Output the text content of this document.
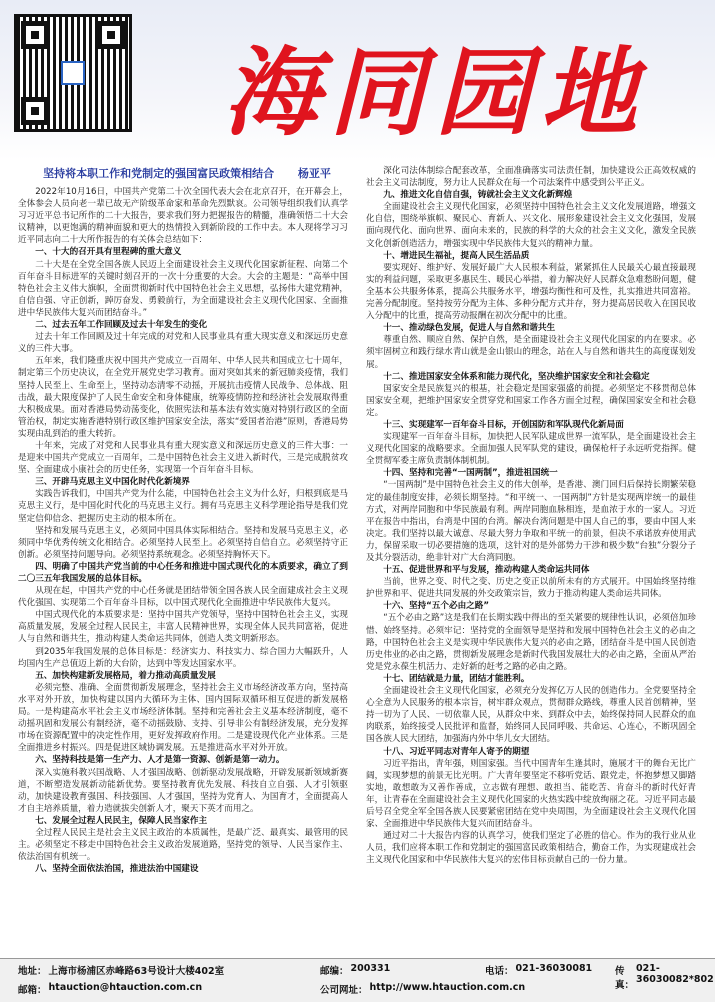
海同园地
坚持将本职工作和党制定的强国富民政策相结合 杨亚平

2022年10月16日，中国共产党第二十次全国代表大会在北京召开，在开幕会上，全体参会人员向老一辈已故无产阶级革命家和革命先烈默哀。公司领导组织我们认真学习习近平总书记所作的二十大报告，要求我们努力把握报告的精髓，准确领悟二十大会议精神，以更饱满的精神面貌和更大的热情投入到新阶段的工作中去。本人现将学习习近平同志向二十大所作报告的有关体会总结如下：

一、十大的召开具有里程碑的重大意义

二十大是在全党全国各族人民迈上全面建设社会主义现代化国家新征程、向第二个百年奋斗目标进军的关键时刻召开的一次十分重要的大会。大会的主题是：“高举中国特色社会主义伟大旗帜，全面贯彻新时代中国特色社会主义思想，弘扬伟大建党精神，自信自强、守正创新，踔厉奋发、勇毅前行，为全面建设社会主义现代化国家、全面推进中华民族伟大复兴而团结奋斗。”

二、过去五年工作回顾及过去十年发生的变化

过去十年工作回顾及过十年完成的对党和人民事业具有重大现实意义和深远历史意义的三件大事。

五年来，我们隆重庆祝中国共产党成立一百周年、中华人民共和国成立七十周年，制定第三个历史决议，在全党开展党史学习教育。面对突如其来的新冠肺炎疫情，我们坚持人民至上、生命至上，坚持动态清零不动摇，开展抗击疫情人民战争、总体战、阻击战，最大限度保护了人民生命安全和身体健康，统筹疫情防控和经济社会发展取得重大积极成果。面对香港局势动荡变化，依照宪法和基本法有效实施对特别行政区的全面管治权，制定实施香港特别行政区维护国家安全法，落实“爱国者治港”原则，香港局势实现由乱到治的重大转折。

十年来，完成了对党和人民事业具有重大现实意义和深远历史意义的三件大事：一是迎来中国共产党成立一百周年，二是中国特色社会主义进入新时代，三是完成脱贫攻坚、全面建成小康社会的历史任务，实现第一个百年奋斗目标。

三、开辟马克思主义中国化时代化新境界

实践告诉我们，中国共产党为什么能，中国特色社会主义为什么好，归根到底是马克思主义行，是中国化时代化的马克思主义行。拥有马克思主义科学理论指导是我们党坚定信仰信念、把握历史主动的根本所在。

坚持和发展马克思主义，必须同中国具体实际相结合。坚持和发展马克思主义，必须同中华优秀传统文化相结合。必须坚持人民至上。必须坚持自信自立。必须坚持守正创新。必须坚持问题导向。必须坚持系统观念。必须坚持胸怀天下。

四、明确了中国共产党当前的中心任务和推进中国式现代化的本质要求，确立了到二〇三五年我国发展的总体目标。

从现在起，中国共产党的中心任务就是团结带领全国各族人民全面建成社会主义现代化强国、实现第二个百年奋斗目标，以中国式现代化全面推进中华民族伟大复兴。

中国式现代化的本质要求是：坚持中国共产党领导，坚持中国特色社会主义，实现高质量发展，发展全过程人民民主，丰富人民精神世界，实现全体人民共同富裕，促进人与自然和谐共生，推动构建人类命运共同体，创造人类文明新形态。

到2035年我国发展的总体目标是：经济实力、科技实力、综合国力大幅跃升，人均国内生产总值迈上新的大台阶，达到中等发达国家水平。

五、加快构建新发展格局，着力推动高质量发展

必须完整、准确、全面贯彻新发展理念，坚持社会主义市场经济改革方向，坚持高水平对外开放，加快构建以国内大循环为主体、国内国际双循环相互促进的新发展格局。一是构建高水平社会主义市场经济体制。坚持和完善社会主义基本经济制度，毫不动摇巩固和发展公有制经济，毫不动摇鼓励、支持、引导非公有制经济发展，充分发挥市场在资源配置中的决定性作用，更好发挥政府作用。二是建设现代化产业体系。三是全面推进乡村振兴。四是促进区域协调发展。五是推进高水平对外开放。

六、坚持科技是第一生产力、人才是第一资源、创新是第一动力。

深入实施科教兴国战略、人才强国战略、创新驱动发展战略，开辟发展新领域新赛道，不断塑造发展新动能新优势。要坚持教育优先发展、科技自立自强、人才引领驱动，加快建设教育强国、科技强国、人才强国，坚持为党育人、为国育才，全面提高人才自主培养质量，着力造就拔尖创新人才，聚天下英才而用之。

七、发展全过程人民民主，保障人民当家作主

全过程人民民主是社会主义民主政治的本质属性，是最广泛、最真实、最管用的民主。必须坚定不移走中国特色社会主义政治发展道路，坚持党的领导、人民当家作主、依法治国有机统一。

八、坚持全面依法治国，推进法治中国建设

深化司法体制综合配套改革，全面准确落实司法责任制，加快建设公正高效权威的社会主义司法制度，努力让人民群众在每一个司法案件中感受到公平正义。

九、推进文化自信自强，铸就社会主义文化新辉煌

全面建设社会主义现代化国家，必须坚持中国特色社会主义文化发展道路，增强文化自信，围绕举旗帜、聚民心、育新人、兴文化、展形象建设社会主义文化强国，发展面向现代化、面向世界、面向未来的，民族的科学的大众的社会主义文化，激发全民族文化创新创造活力，增强实现中华民族伟大复兴的精神力量。

十、增进民生福祉，提高人民生活品质

要实现好、维护好、发展好最广大人民根本利益，紧紧抓住人民最关心最直接最现实的利益问题，采取更多惠民生、暖民心举措，着力解决好人民群众急难愁盼问题，健全基本公共服务体系，提高公共服务水平，增强均衡性和可及性，扎实推进共同富裕。完善分配制度。坚持按劳分配为主体、多种分配方式并存，努力提高居民收入在国民收入分配中的比重，提高劳动报酬在初次分配中的比重。

十一、推动绿色发展，促进人与自然和谐共生

尊重自然、顺应自然、保护自然，是全面建设社会主义现代化国家的内在要求。必须牢固树立和践行绿水青山就是金山银山的理念，站在人与自然和谐共生的高度谋划发展。

十二、推进国家安全体系和能力现代化，坚决维护国家安全和社会稳定

国家安全是民族复兴的根基，社会稳定是国家强盛的前提。必须坚定不移贯彻总体国家安全观，把维护国家安全贯穿党和国家工作各方面全过程，确保国家安全和社会稳定。

十三、实现建军一百年奋斗目标，开创国防和军队现代化新局面

实现建军一百年奋斗目标，加快把人民军队建成世界一流军队，是全面建设社会主义现代化国家的战略要求。全面加强人民军队党的建设，确保枪杆子永远听党指挥。健全贯彻军委主席负责制体制机制。

十四、坚持和完善“一国两制”，推进祖国统一

“一国两制”是中国特色社会主义的伟大创举，是香港、澳门回归后保持长期繁荣稳定的最佳制度安排，必须长期坚持。“和平统一、一国两制”方针是实现两岸统一的最佳方式，对两岸同胞和中华民族最有利。两岸同胞血脉相连，是血浓于水的一家人。习近平在报告中指出，台湾是中国的台湾。解决台湾问题是中国人自己的事，要由中国人来决定。我们坚持以最大诚意、尽最大努力争取和平统一的前景，但决不承诺放弃使用武力，保留采取一切必要措施的选项，这针对的是外部势力干涉和极少数“台独”分裂分子及其分裂活动，绝非针对广大台湾同胞。

十五、促进世界和平与发展，推动构建人类命运共同体

当前，世界之变、时代之变、历史之变正以前所未有的方式展开。中国始终坚持维护世界和平、促进共同发展的外交政策宗旨，致力于推动构建人类命运共同体。

十六、坚持“五个必由之路”

“五个必由之路”这是我们在长期实践中得出的至关紧要的规律性认识，必须倍加珍惜、始终坚持。必须牢记：坚持党的全面领导是坚持和发展中国特色社会主义的必由之路，中国特色社会主义是实现中华民族伟大复兴的必由之路，团结奋斗是中国人民创造历史伟业的必由之路，贯彻新发展理念是新时代我国发展壮大的必由之路，全面从严治党是党永葆生机活力、走好新的赶考之路的必由之路。

十七、团结就是力量，团结才能胜利。

全面建设社会主义现代化国家，必须充分发挥亿万人民的创造伟力。全党要坚持全心全意为人民服务的根本宗旨，树牢群众观点，贯彻群众路线，尊重人民首创精神，坚持一切为了人民、一切依靠人民，从群众中来、到群众中去，始终保持同人民群众的血肉联系，始终接受人民批评和监督，始终同人民同呼吸、共命运、心连心，不断巩固全国各族人民大团结，加强海内外中华儿女大团结。

十八、习近平同志对青年人寄予的期望

习近平指出，青年强，则国家强。当代中国青年生逢其时，施展才干的舞台无比广阔，实现梦想的前景无比光明。广大青年要坚定不移听党话、跟党走，怀抱梦想又脚踏实地，敢想敢为又善作善成，立志做有理想、敢担当、能吃苦、肯奋斗的新时代好青年，让青春在全面建设社会主义现代化国家的火热实践中绽放绚丽之花。习近平同志最后号召全党全军全国各族人民要紧密团结在党中央周围，为全面建设社会主义现代化国家、全面推进中华民族伟大复兴而团结奋斗。

通过对二十大报告内容的认真学习，使我们坚定了必胜的信心。作为的我行业从业人员，我们应将本职工作和党制定的强国富民政策相结合，勤奋工作，为实现建成社会主义现代化国家和中华民族伟大复兴的宏伟目标贡献自己的一份力量。

地址： 上海市杨浦区赤峰路63号设计大楼402室	邮编： 200331	电话： 021-36030081 传真：
021-36030082*802
邮箱： htauction@htauction.com.cn	公司网址： http://www.htauction.com.cn
